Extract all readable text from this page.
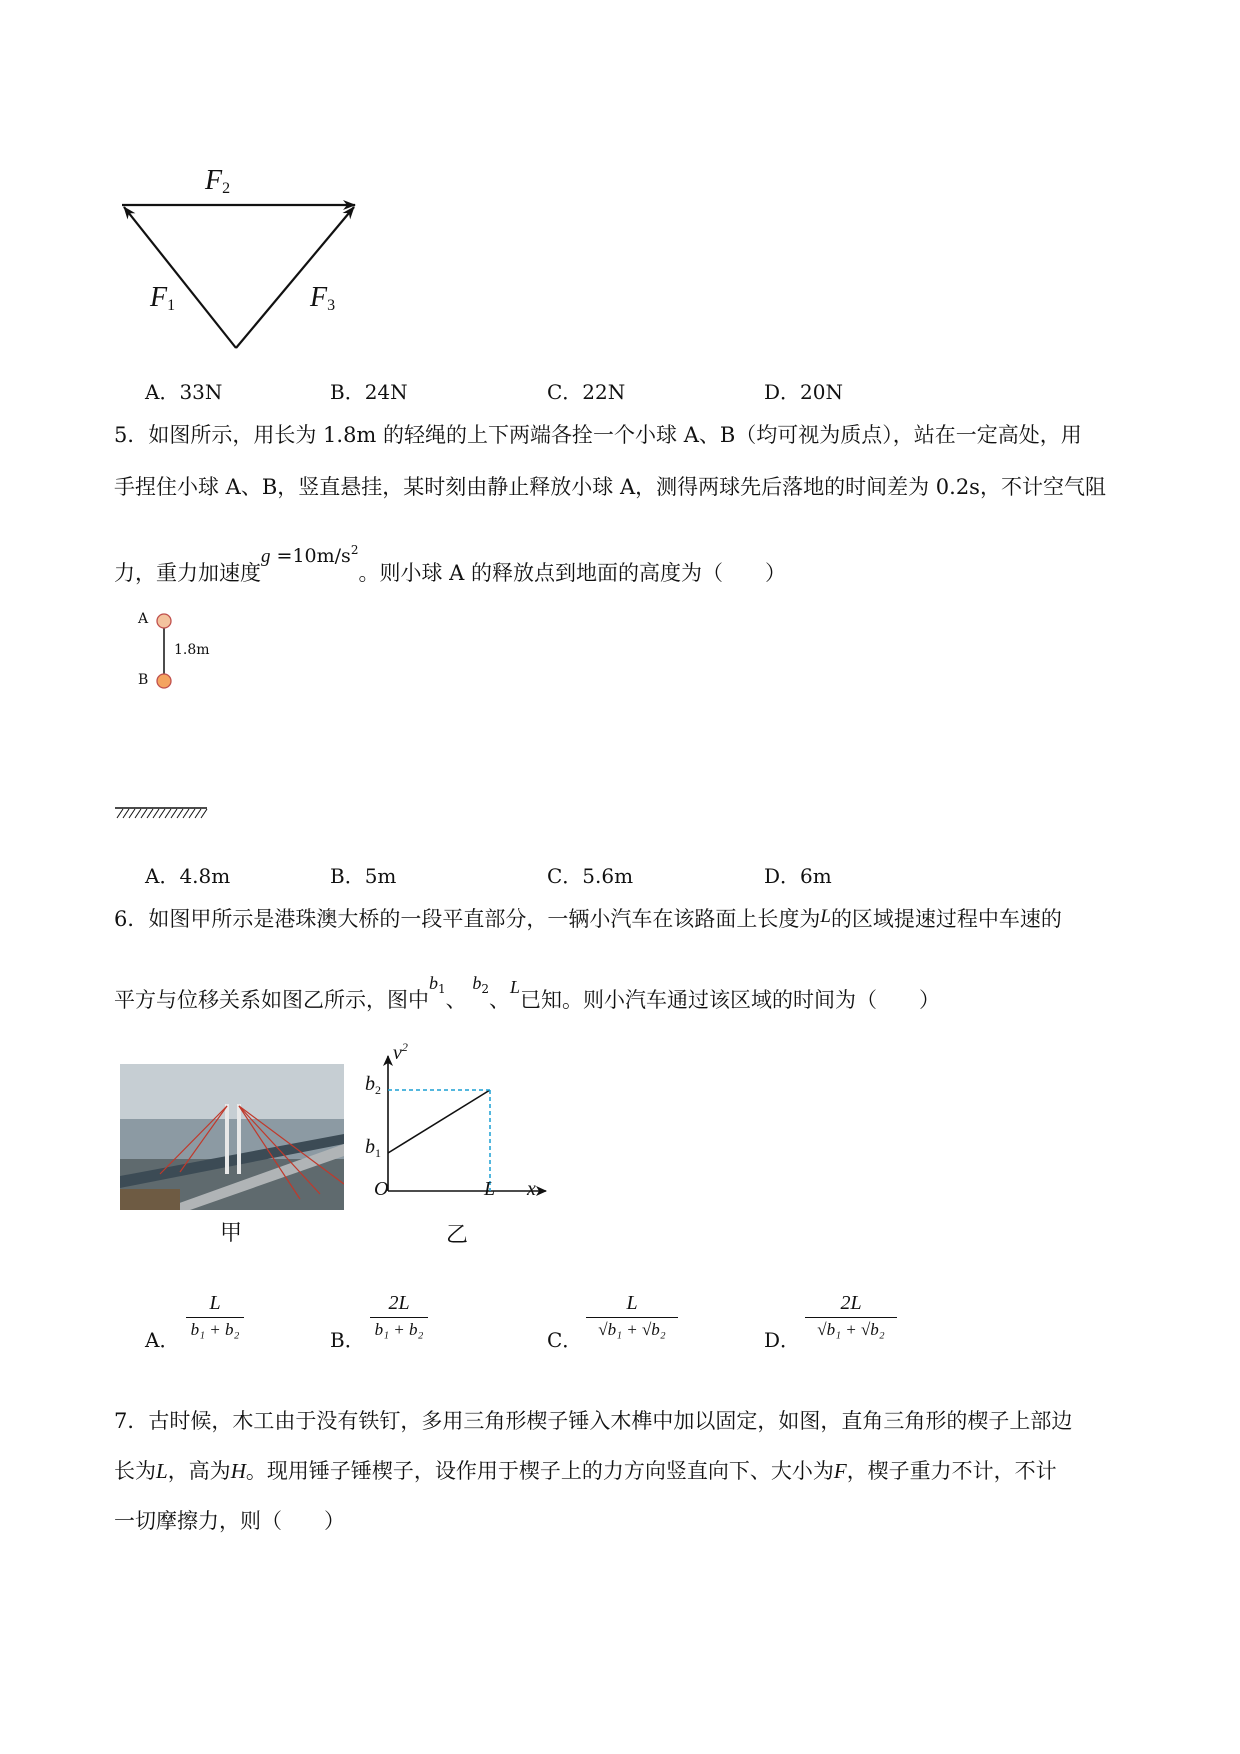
$F_2$
$F_1$	$F_3$
A．33N	B．24N	C．22N	D．20N
5．如图所示，用长为 1.8m 的轻绳的上下两端各拴一个小球 A、B（均可视为质点），站在一定高处，用
手捏住小球 A、B，竖直悬挂，某时刻由静止释放小球 A，测得两球先后落地的时间差为 0.2s，不计空气阻
力，重力加速度$g =10m/s^2$。则小球 A 的释放点到地面的高度为（　　）
A
B
1.8m
A．4.8m	B．5m	C．5.6m	D．6m
6．如图甲所示是港珠澳大桥的一段平直部分，一辆小汽车在该路面上长度为L的区域提速过程中车速的
平方与位移关系如图乙所示，图中$b_1$、 $b_2$、L已知。则小汽车通过该区域的时间为（　　）
甲
$v^2$
x
O
$b_2$
$b_1$
L
乙
A．
L
b₁ + b₂	B．
2L
b₁ + b₂	C．
L
√b₁ + √b₂	D．
2L
√b₁ + √b₂
7．古时候，木工由于没有铁钉，多用三角形楔子锤入木榫中加以固定，如图，直角三角形的楔子上部边
长为L，高为H。现用锤子锤楔子，设作用于楔子上的力方向竖直向下、大小为F，楔子重力不计，不计
一切摩擦力，则（　　）
